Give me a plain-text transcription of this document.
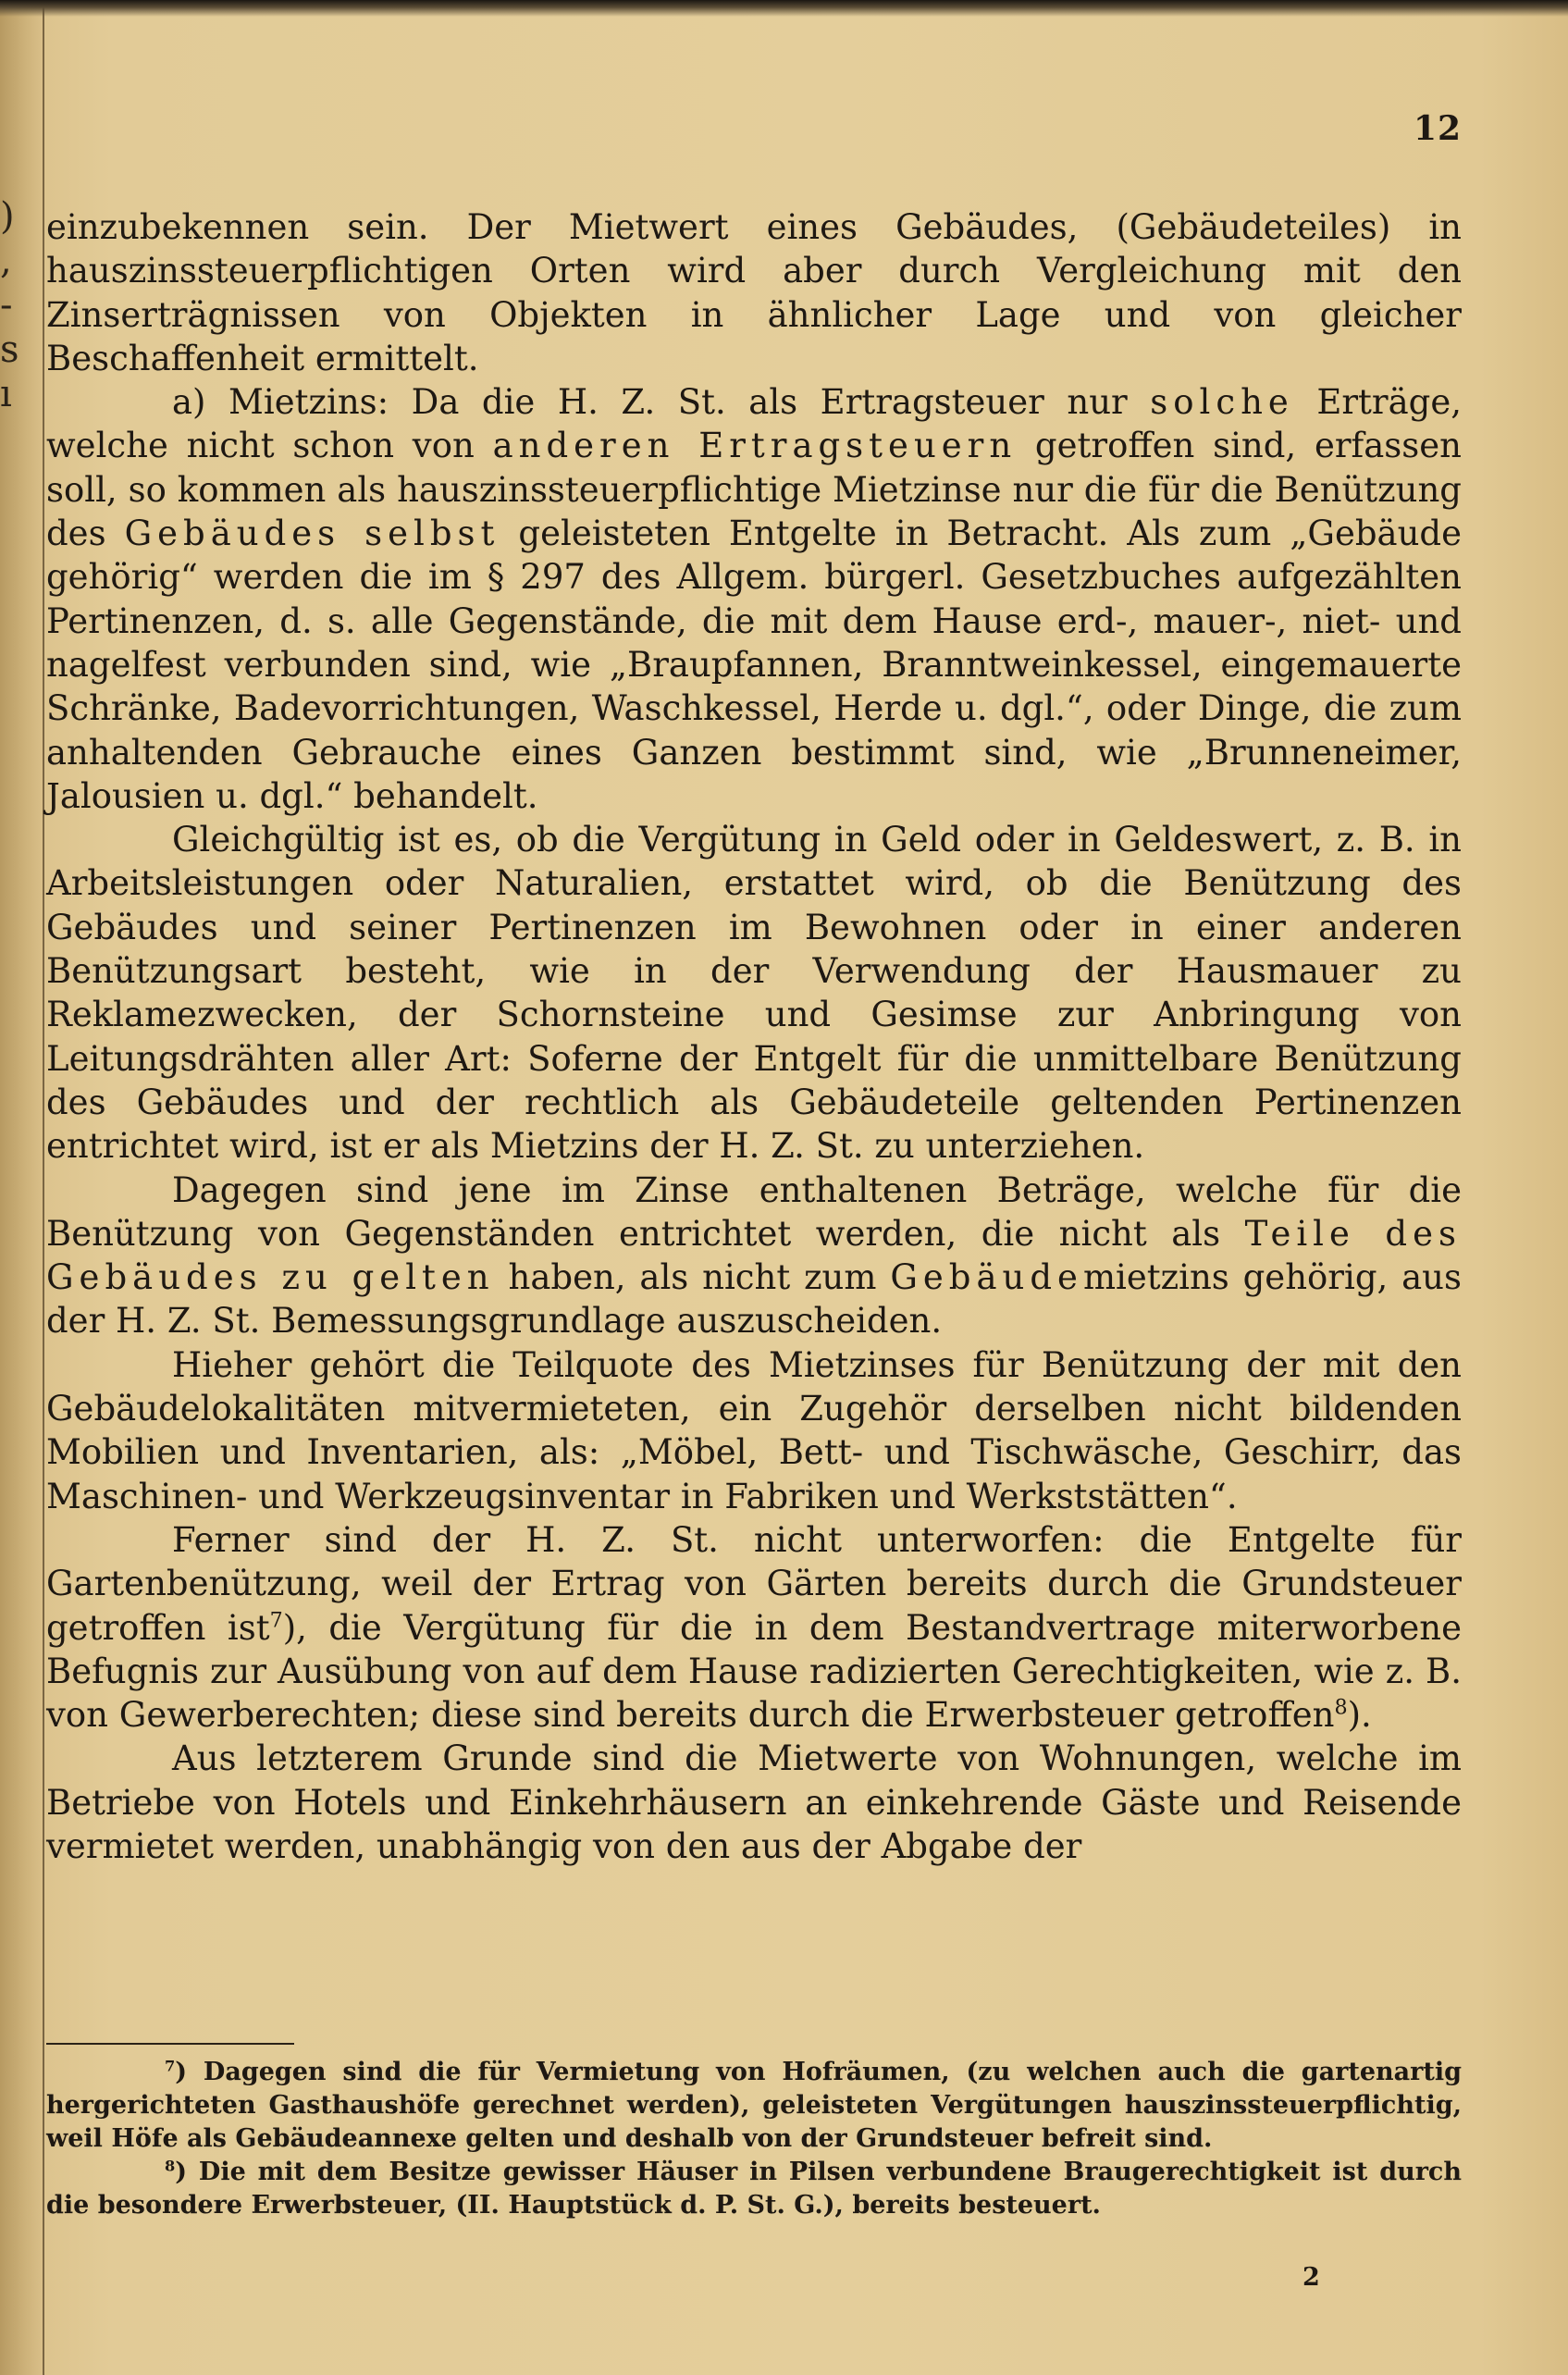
)
,
-
s
ı
12

einzubekennen sein. Der Mietwert eines Gebäudes, (Gebäudeteiles) in hauszinssteuerpflichtigen Orten wird aber durch Vergleichung mit den Zinserträgnissen von Objekten in ähnlicher Lage und von gleicher Beschaffenheit ermittelt.

a) Mietzins: Da die H. Z. St. als Ertragsteuer nur solche Erträge, welche nicht schon von anderen Ertragsteuern getroffen sind, erfassen soll, so kommen als hauszinssteuerpflichtige Mietzinse nur die für die Benützung des Gebäudes selbst geleisteten Entgelte in Betracht. Als zum „Gebäude gehörig“ werden die im § 297 des Allgem. bürgerl. Gesetzbuches aufgezählten Pertinenzen, d. s. alle Gegenstände, die mit dem Hause erd-, mauer-, niet- und nagelfest verbunden sind, wie „Braupfannen, Branntweinkessel, eingemauerte Schränke, Badevorrichtungen, Waschkessel, Herde u. dgl.“, oder Dinge, die zum anhaltenden Gebrauche eines Ganzen bestimmt sind, wie „Brunneneimer, Jalousien u. dgl.“ behandelt.

Gleichgültig ist es, ob die Vergütung in Geld oder in Geldeswert, z. B. in Arbeitsleistungen oder Naturalien, erstattet wird, ob die Benützung des Gebäudes und seiner Pertinenzen im Bewohnen oder in einer anderen Benützungsart besteht, wie in der Verwendung der Hausmauer zu Reklamezwecken, der Schornsteine und Gesimse zur Anbringung von Leitungsdrähten aller Art: Soferne der Entgelt für die unmittelbare Benützung des Gebäudes und der rechtlich als Gebäudeteile geltenden Pertinenzen entrichtet wird, ist er als Mietzins der H. Z. St. zu unterziehen.

Dagegen sind jene im Zinse enthaltenen Beträge, welche für die Benützung von Gegenständen entrichtet werden, die nicht als Teile des Gebäudes zu gelten haben, als nicht zum Gebäudemietzins gehörig, aus der H. Z. St. Bemessungsgrundlage auszuscheiden.

Hieher gehört die Teilquote des Mietzinses für Benützung der mit den Gebäudelokalitäten mitvermieteten, ein Zugehör derselben nicht bildenden Mobilien und Inventarien, als: „Möbel, Bett- und Tischwäsche, Geschirr, das Maschinen- und Werkzeugsinventar in Fabriken und Werkststätten“.

Ferner sind der H. Z. St. nicht unterworfen: die Entgelte für Gartenbenützung, weil der Ertrag von Gärten bereits durch die Grundsteuer getroffen ist$^7$), die Vergütung für die in dem Bestandvertrage miterworbene Befugnis zur Ausübung von auf dem Hause radizierten Gerechtigkeiten, wie z. B. von Gewerberechten; diese sind bereits durch die Erwerbsteuer getroffen$^8$).

Aus letzterem Grunde sind die Mietwerte von Wohnungen, welche im Betriebe von Hotels und Einkehrhäusern an einkehrende Gäste und Reisende vermietet werden, unabhängig von den aus der Abgabe der

$^7$) Dagegen sind die für Vermietung von Hofräumen, (zu welchen auch die gartenartig hergerichteten Gasthaushöfe gerechnet werden), geleisteten Vergütungen hauszinssteuerpflichtig, weil Höfe als Gebäudeannexe gelten und deshalb von der Grundsteuer befreit sind.

$^8$) Die mit dem Besitze gewisser Häuser in Pilsen verbundene Braugerechtigkeit ist durch die besondere Erwerbsteuer, (II. Hauptstück d. P. St. G.), bereits besteuert.

2
